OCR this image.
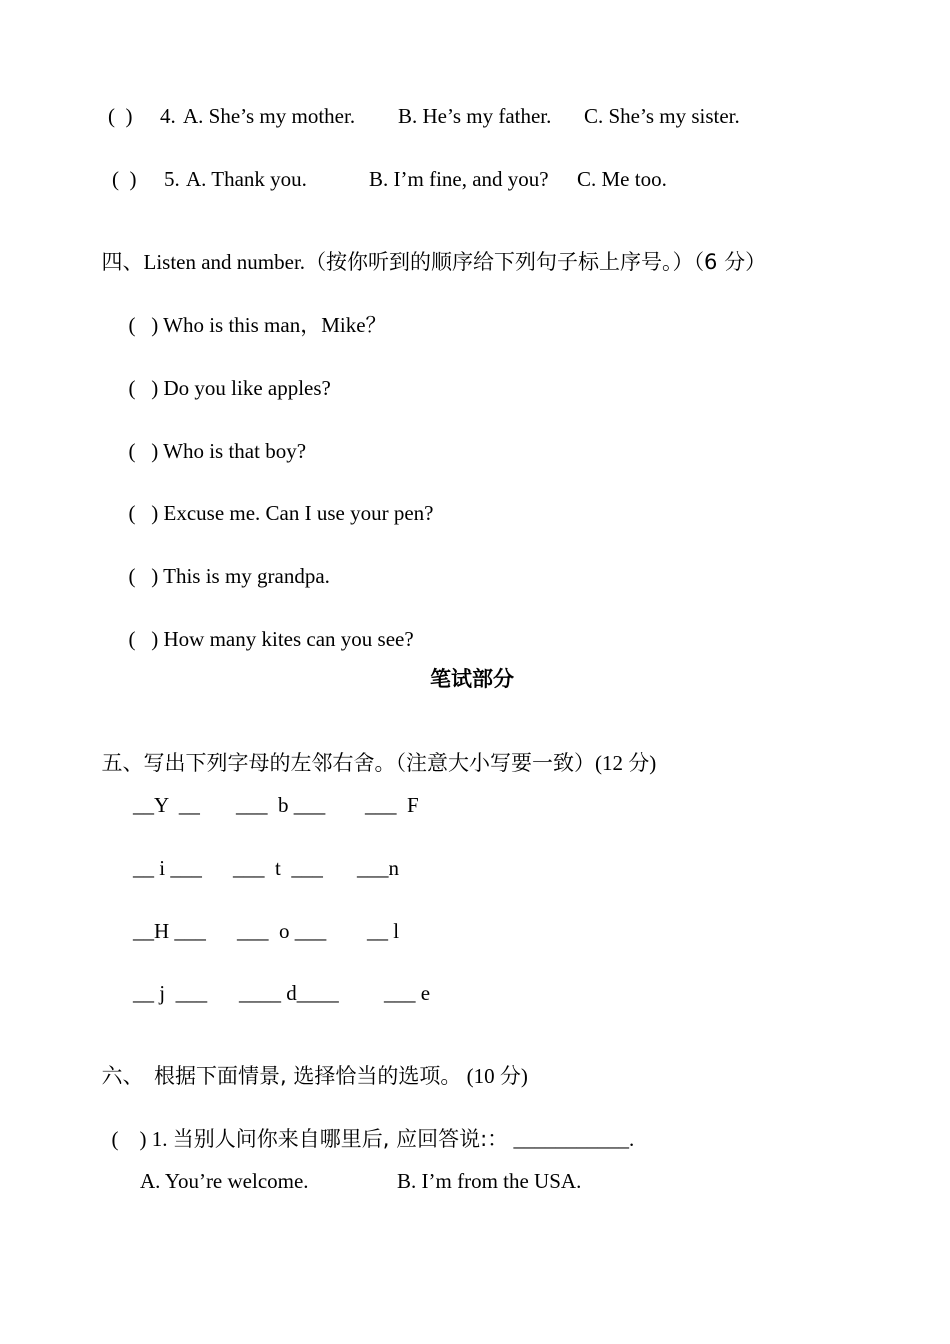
(  ) 4. A. She’s my mother. B. He’s my father. C. She’s my sister.
(  ) 5. A. Thank you.	B. I’m fine, and you? C. Me too.

四、Listen and number.（按你听到的顺序给下列句子标上序号。）（6 分）

(   ) Who is this man，Mike？

(   ) Do you like apples?

(   ) Who is that boy?

(   ) Excuse me. Can I use your pen?

(   ) This is my grandpa.

(   ) How many kites can you see?

笔试部分

五、写出下列字母的左邻右舍。（注意大小写要一致）(12 分)

__Y  __ ___  b ___ ___  F
__ i ___ ___  t  ___ ___n
__H ___ ___  o ___ __ l
__ j  ___ ____ d____ ___ e

六、 根据下面情景, 选择恰当的选项。 (10 分)

(    ) 1. 当别人问你来自哪里后, 应回答说:： ___________.

A. You’re welcome.	B. I’m from the USA.
